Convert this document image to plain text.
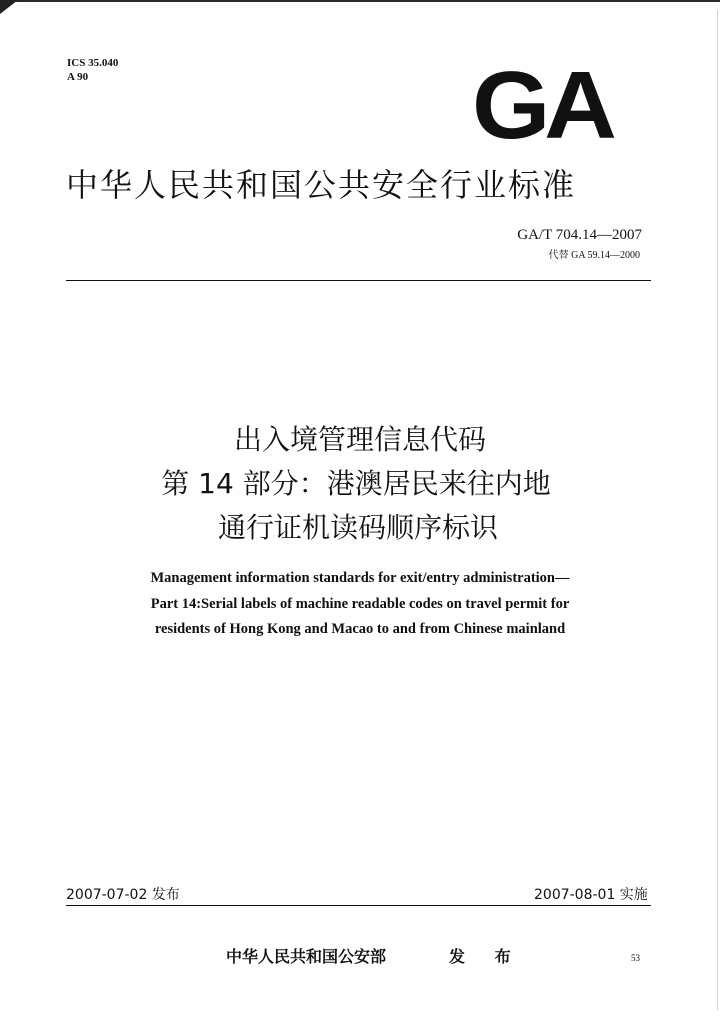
ICS 35.040
A 90	GA
中华人民共和国公共安全行业标准
GA/T 704.14—2007
代替 GA 59.14—2000
出入境管理信息代码
第 14 部分：港澳居民来往内地
通行证机读码顺序标识
Management information standards for exit/entry administration—
Part 14:Serial labels of machine readable codes on travel permit for
residents of Hong Kong and Macao to and from Chinese mainland
2007-07-02 发布	2007-08-01 实施
中华人民共和国公安部	发 布	53
